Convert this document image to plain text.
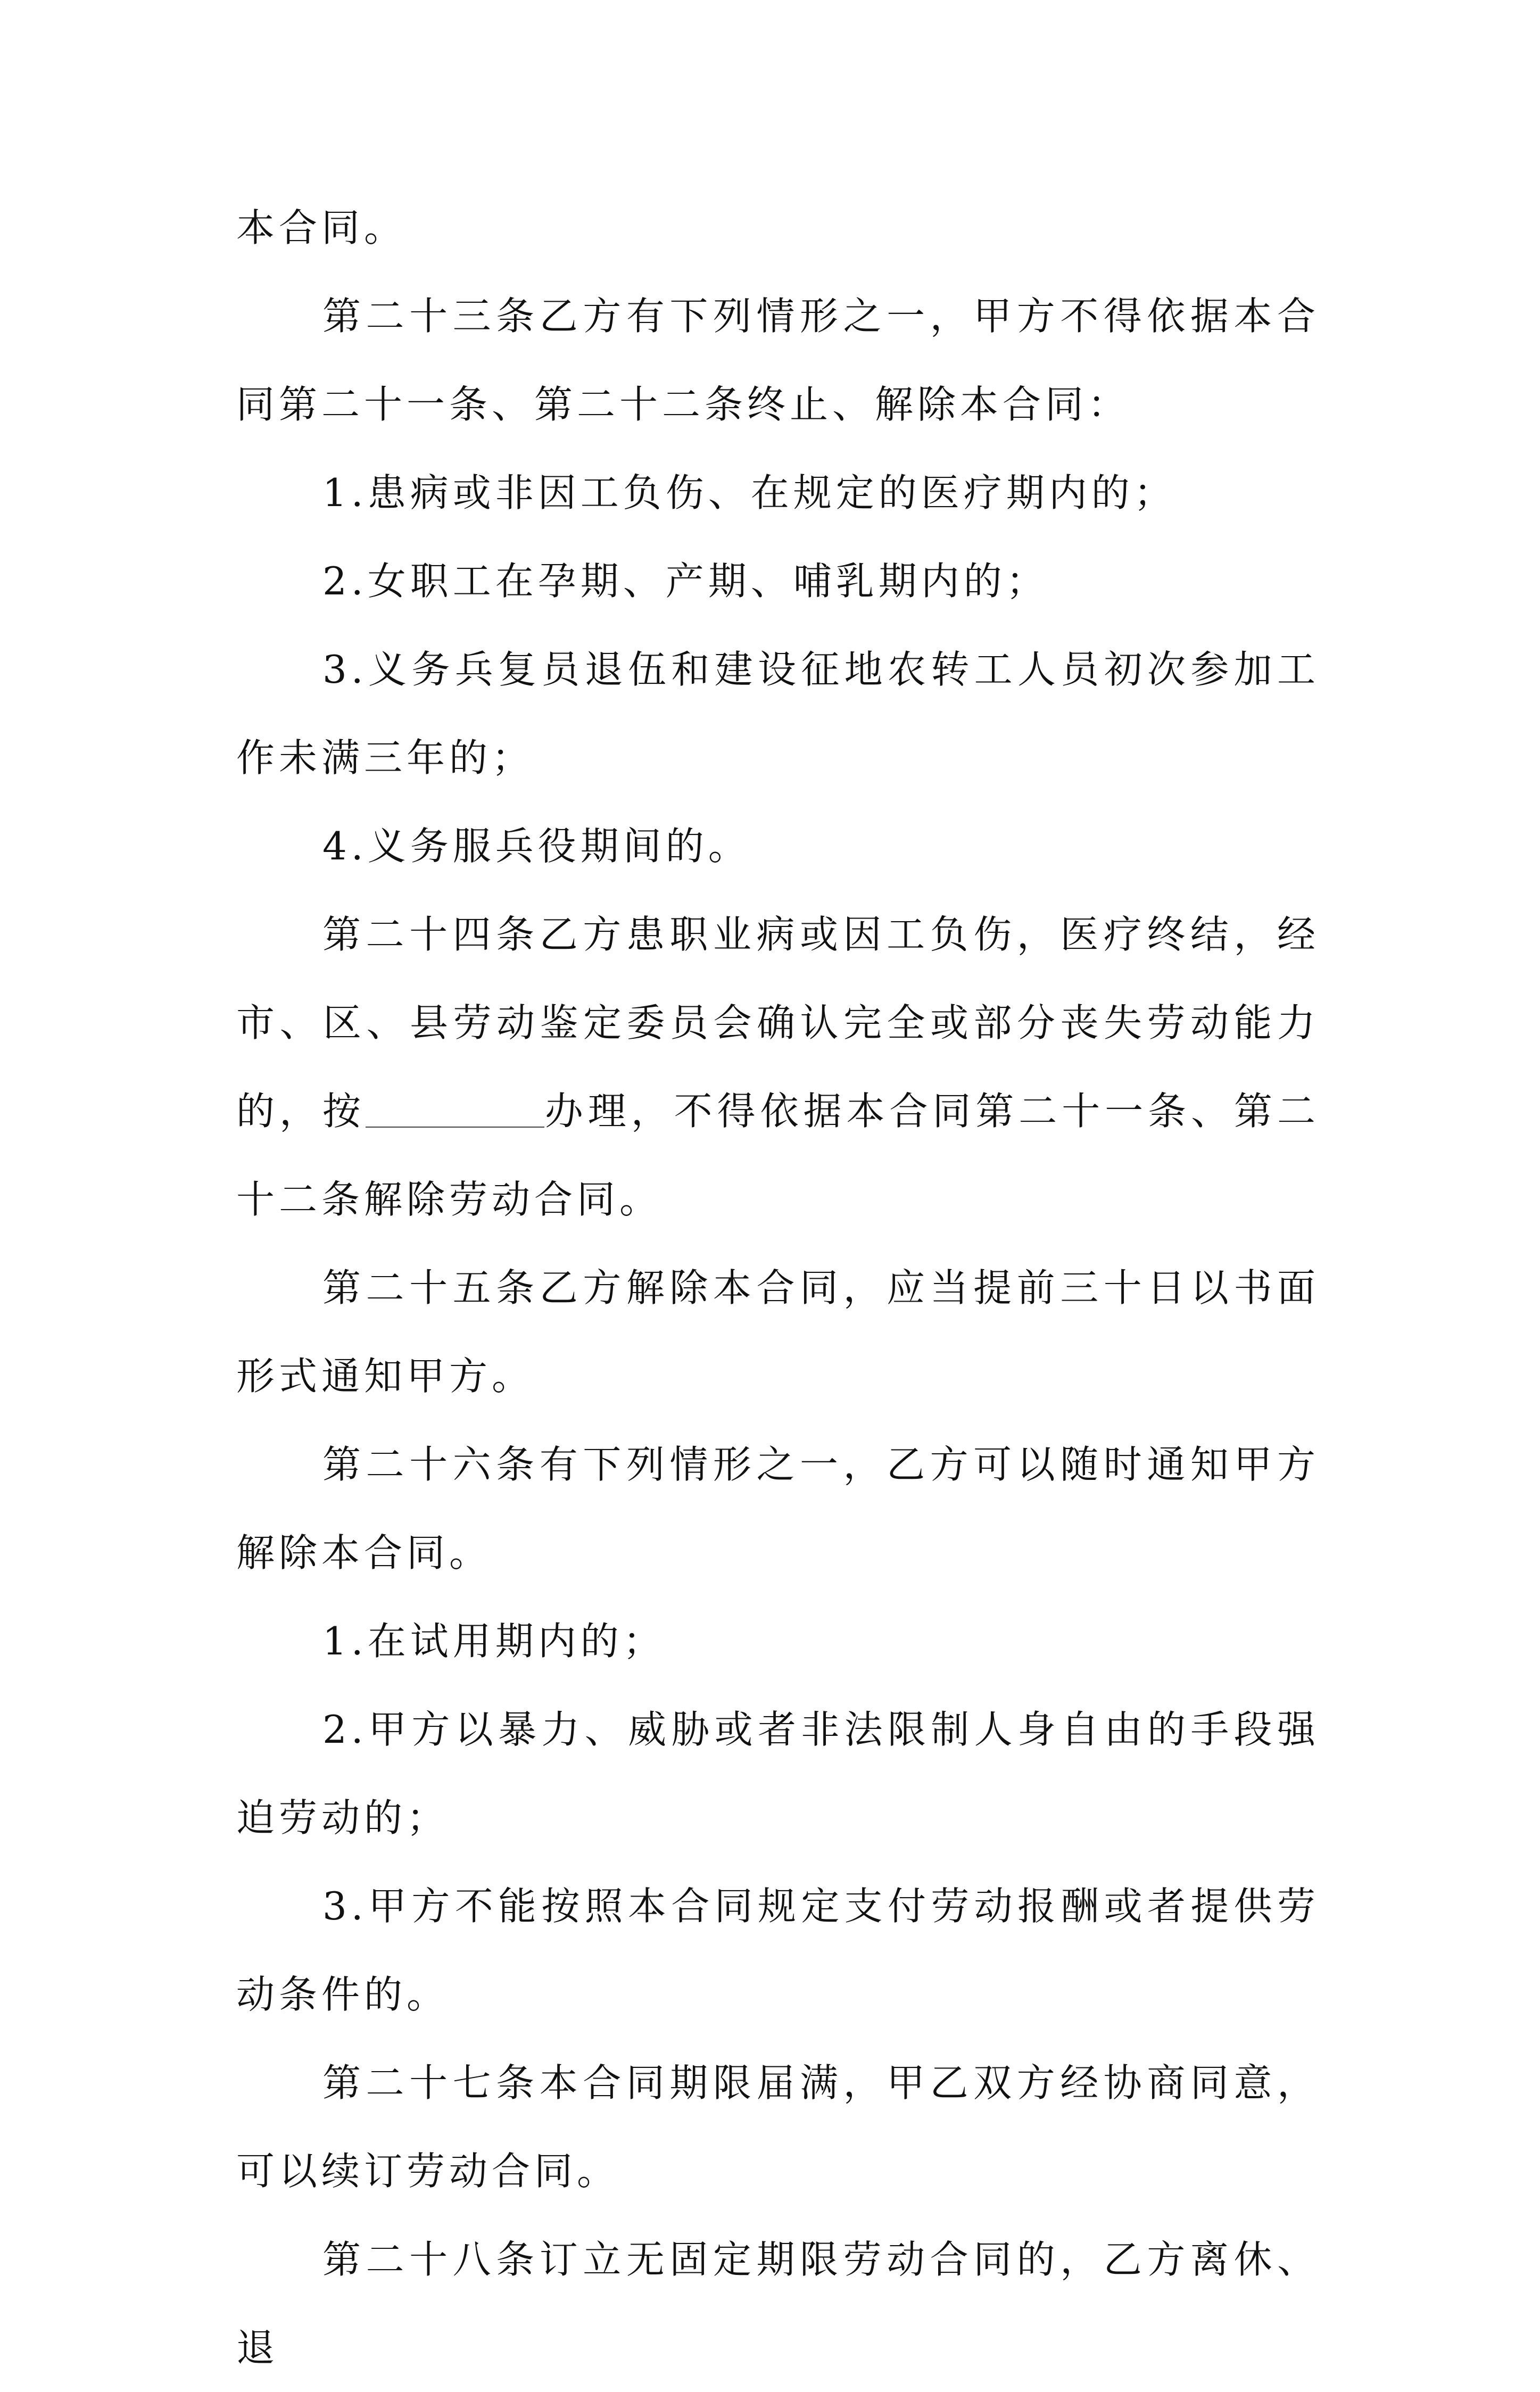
本合同。

第二十三条乙方有下列情形之一，甲方不得依据本合同第二十一条、第二十二条终止、解除本合同：

1.患病或非因工负伤、在规定的医疗期内的；

2.女职工在孕期、产期、哺乳期内的；

3.义务兵复员退伍和建设征地农转工人员初次参加工作未满三年的；

4.义务服兵役期间的。

第二十四条乙方患职业病或因工负伤，医疗终结，经市、区、县劳动鉴定委员会确认完全或部分丧失劳动能力的，按	办理，不得依据本合同第二十一条、第二十二条解除劳动合同。

第二十五条乙方解除本合同，应当提前三十日以书面形式通知甲方。

第二十六条有下列情形之一，乙方可以随时通知甲方解除本合同。

1.在试用期内的；

2.甲方以暴力、威胁或者非法限制人身自由的手段强迫劳动的；

3.甲方不能按照本合同规定支付劳动报酬或者提供劳动条件的。

第二十七条本合同期限届满，甲乙双方经协商同意，可以续订劳动合同。

第二十八条订立无固定期限劳动合同的，乙方离休、退
